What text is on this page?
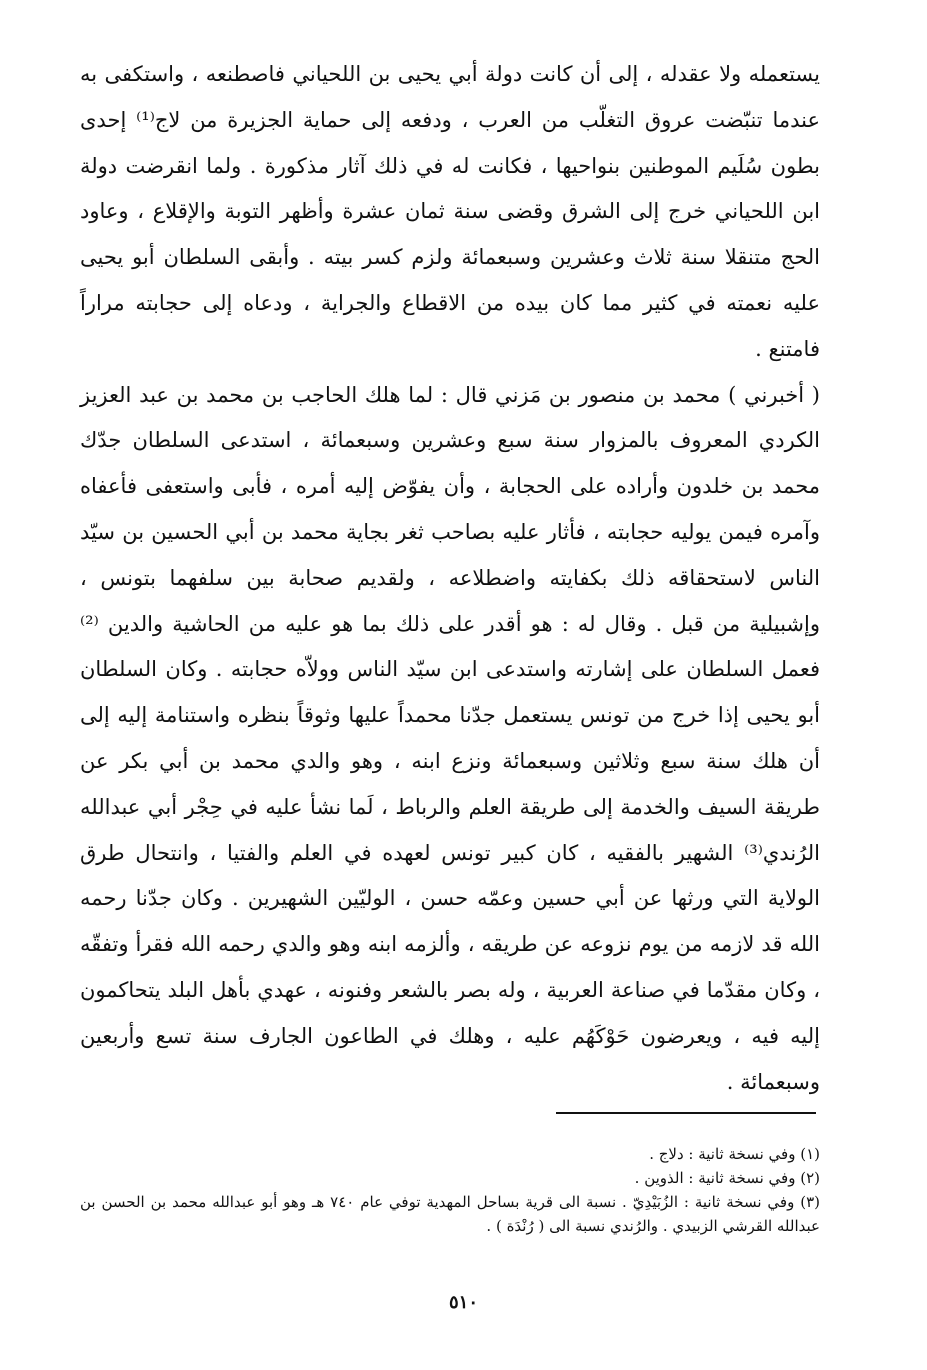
يستعمله ولا عقدله ، إلى أن كانت دولة أبي يحيى بن اللحياني فاصطنعه ، واستكفى به عندما تنبّضت عروق التغلّب من العرب ، ودفعه إلى حماية الجزيرة من لاج⁽¹⁾ إحدى بطون سُلَيم الموطنين بنواحيها ، فكانت له في ذلك آثار مذكورة . ولما انقرضت دولة ابن اللحياني خرج إلى الشرق وقضى سنة ثمان عشرة وأظهر التوبة والإقلاع ، وعاود الحج متنقلا سنة ثلاث وعشرين وسبعمائة ولزم كسر بيته . وأبقى السلطان أبو يحيى عليه نعمته في كثير مما كان بيده من الاقطاع والجراية ، ودعاه إلى حجابته مراراً فامتنع .

( أخبرني ) محمد بن منصور بن مَزني قال : لما هلك الحاجب بن محمد بن عبد العزيز الكردي المعروف بالمزوار سنة سبع وعشرين وسبعمائة ، استدعى السلطان جدّك محمد بن خلدون وأراده على الحجابة ، وأن يفوّض إليه أمره ، فأبى واستعفى فأعفاه وآمره فيمن يوليه حجابته ، فأثار عليه بصاحب ثغر بجاية محمد بن أبي الحسين بن سيّد الناس لاستحقاقه ذلك بكفايته واضطلاعه ، ولقديم صحابة بين سلفهما بتونس ، وإشبيلية من قبل . وقال له : هو أقدر على ذلك بما هو عليه من الحاشية والدين ⁽²⁾ فعمل السلطان على إشارته واستدعى ابن سيّد الناس وولاّه حجابته . وكان السلطان أبو يحيى إذا خرج من تونس يستعمل جدّنا محمداً عليها وثوقاً بنظره واستنامة إليه إلى أن هلك سنة سبع وثلاثين وسبعمائة ونزع ابنه ، وهو والدي محمد بن أبي بكر عن طريقة السيف والخدمة إلى طريقة العلم والرباط ، لَما نشأ عليه في حِجْر أبي عبدالله الرُندي⁽³⁾ الشهير بالفقيه ، كان كبير تونس لعهده في العلم والفتيا ، وانتحال طرق الولاية التي ورثها عن أبي حسين وعمّه حسن ، الوليّين الشهيرين . وكان جدّنا رحمه الله قد لازمه من يوم نزوعه عن طريقه ، وألزمه ابنه وهو والدي رحمه الله فقرأ وتفقّه ، وكان مقدّما في صناعة العربية ، وله بصر بالشعر وفنونه ، عهدي بأهل البلد يتحاكمون إليه فيه ، ويعرضون حَوْكَهُم عليه ، وهلك في الطاعون الجارف سنة تسع وأربعين وسبعمائة .

(١) وفي نسخة ثانية : دلاج .

(٢) وفي نسخة ثانية : الذوين .

(٣) وفي نسخة ثانية : الزُبَيْدِيّ . نسبة الى قرية بساحل المهدية توفي عام ٧٤٠ هـ وهو أبو عبدالله محمد بن الحسن بن عبدالله القرشي الزبيدي . والرُندي نسبة الى ( رُنْدَة ) .

٥١٠
